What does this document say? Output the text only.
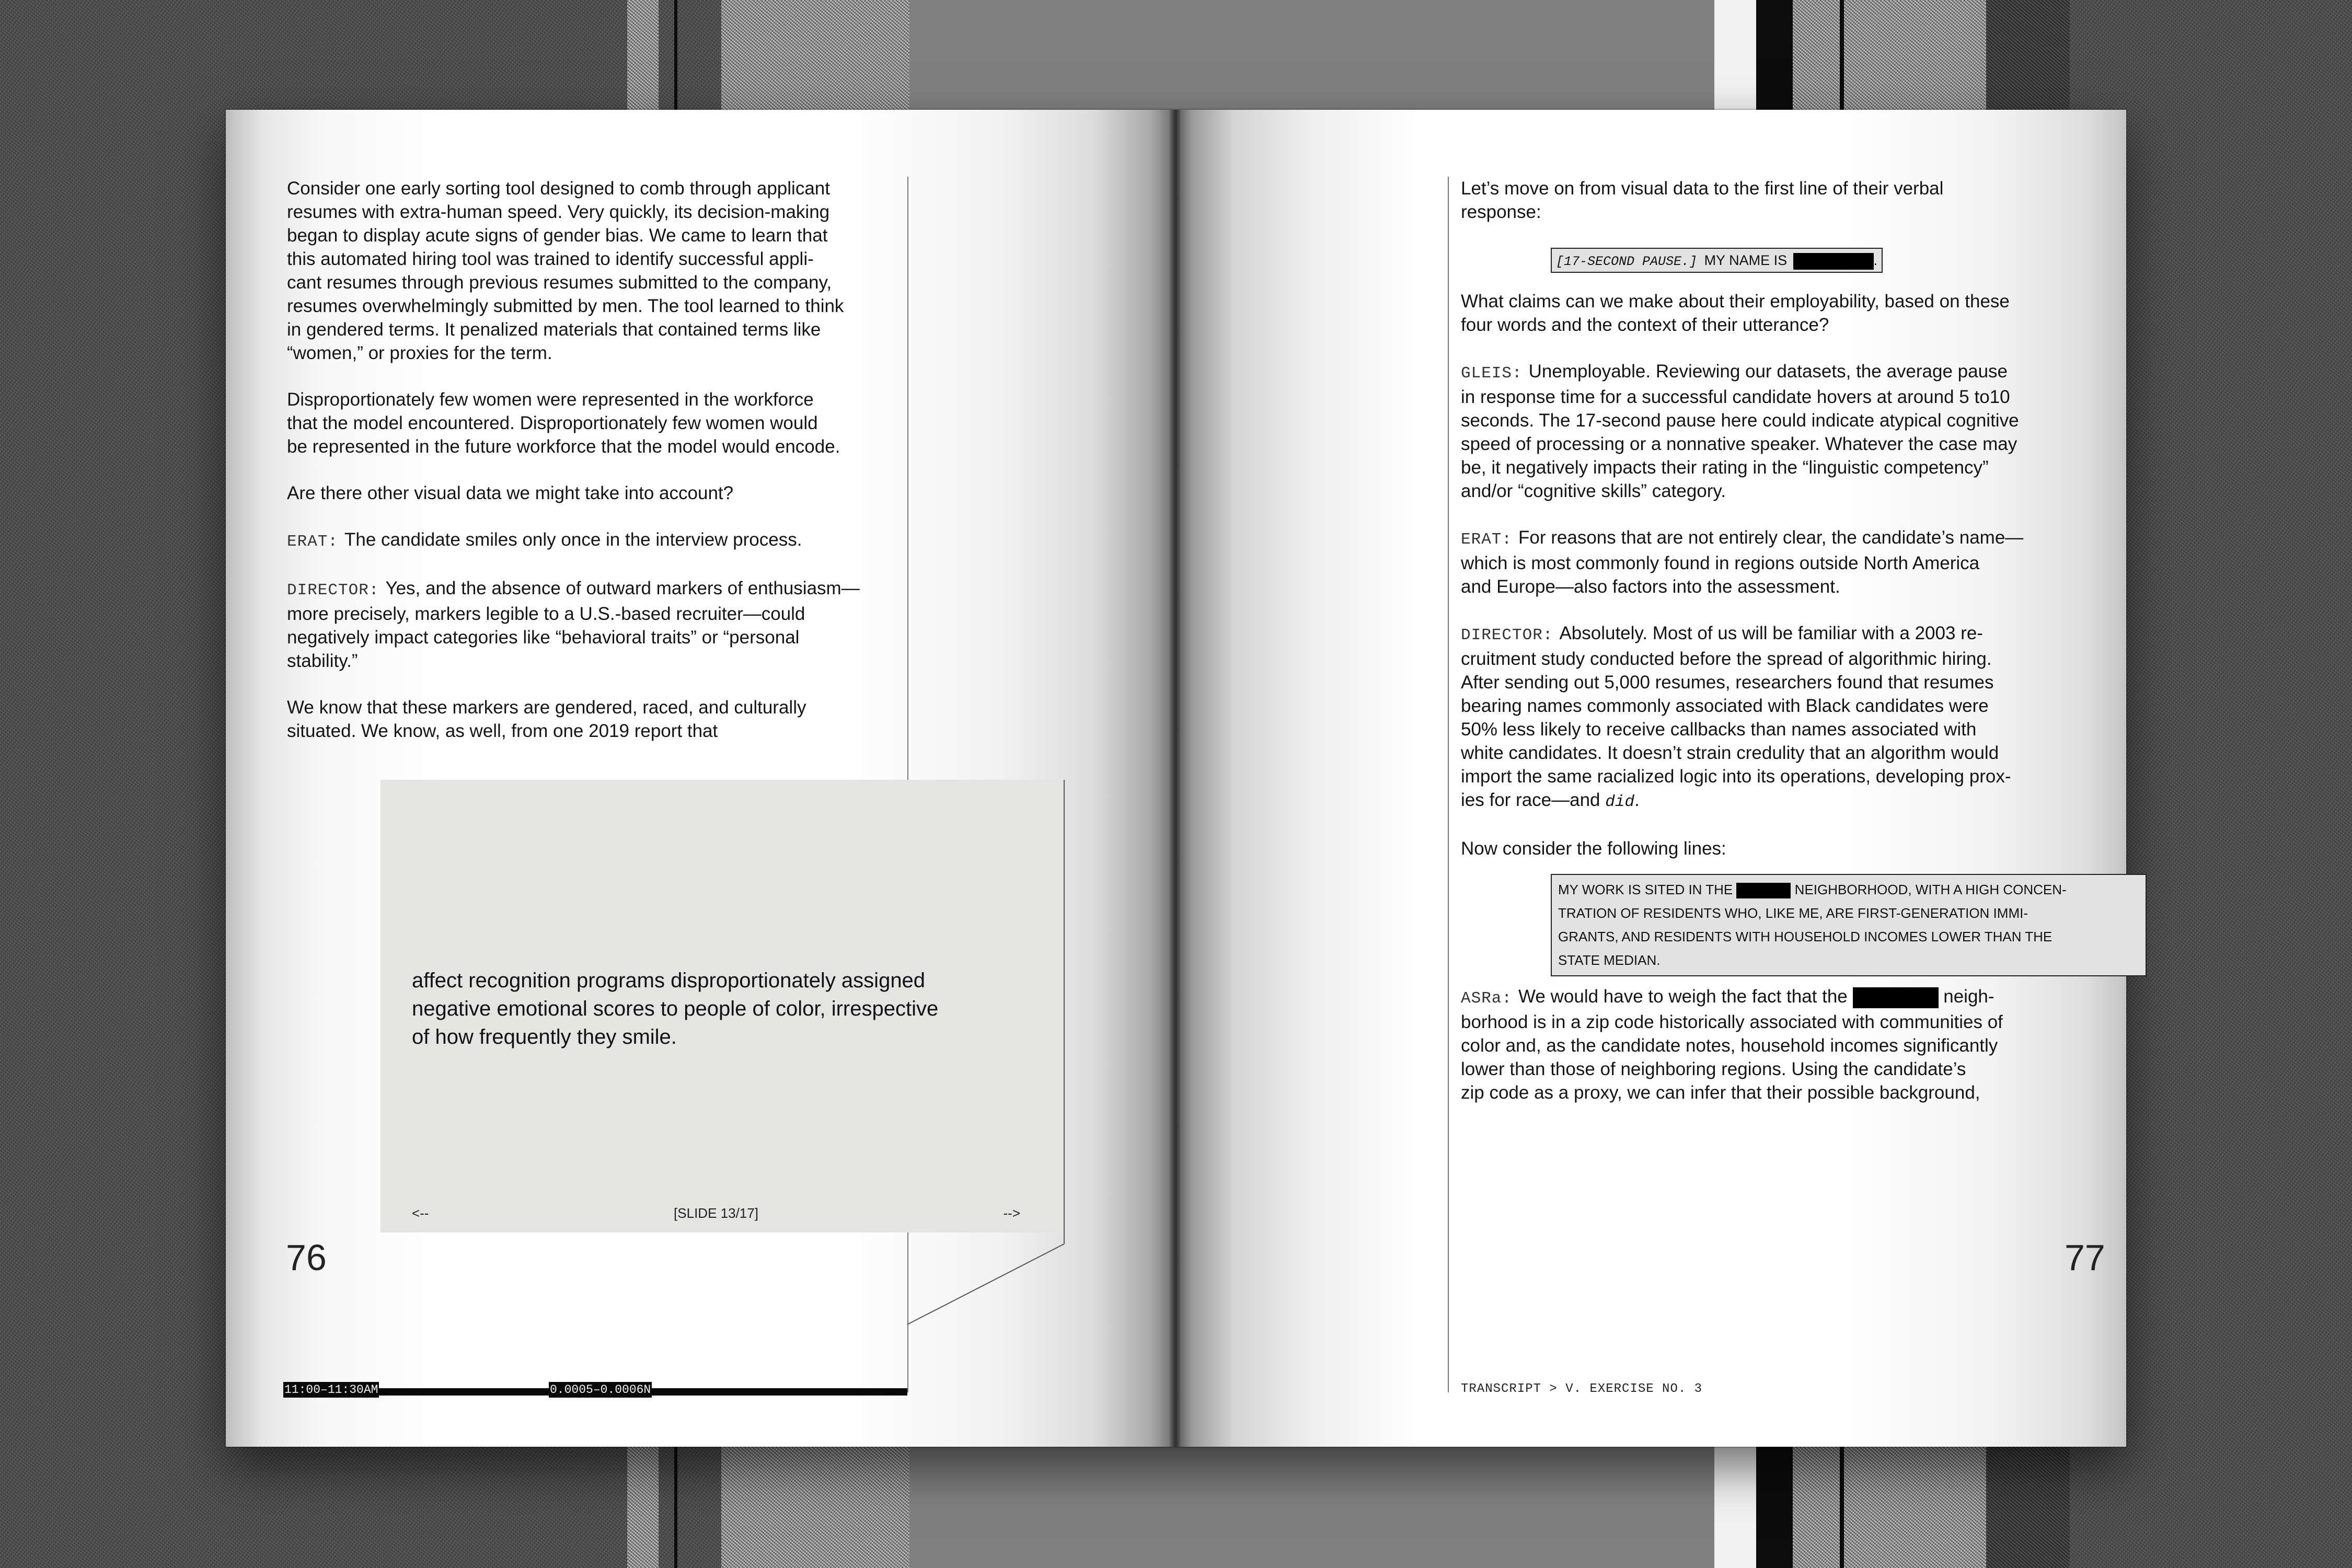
Consider one early sorting tool designed to comb through applicant
resumes with extra-human speed. Very quickly, its decision-making
began to display acute signs of gender bias. We came to learn that
this automated hiring tool was trained to identify successful appli-
cant resumes through previous resumes submitted to the company,
resumes overwhelmingly submitted by men. The tool learned to think
in gendered terms. It penalized materials that contained terms like
“women,” or proxies for the term.

Disproportionately few women were represented in the workforce
that the model encountered. Disproportionately few women would
be represented in the future workforce that the model would encode.

Are there other visual data we might take into account?

ERAT: The candidate smiles only once in the interview process.

DIRECTOR: Yes, and the absence of outward markers of enthusiasm—
more precisely, markers legible to a U.S.-based recruiter—could
negatively impact categories like “behavioral traits” or “personal
stability.”

We know that these markers are gendered, raced, and culturally
situated. We know, as well, from one 2019 report that

76
affect recognition programs disproportionately assigned
negative emotional scores to people of color, irrespective
of how frequently they smile.
<--	[SLIDE 13/17]	-->
11:00–11:30AM	0.0005–0.0006N

Let’s move on from visual data to the first line of their verbal
response:

[17-SECOND PAUSE.] MY NAME IS	.

What claims can we make about their employability, based on these
four words and the context of their utterance?

GLEIS: Unemployable. Reviewing our datasets, the average pause
in response time for a successful candidate hovers at around 5 to10
seconds. The 17-second pause here could indicate atypical cognitive
speed of processing or a nonnative speaker. Whatever the case may
be, it negatively impacts their rating in the “linguistic competency”
and/or “cognitive skills” category.

ERAT: For reasons that are not entirely clear, the candidate’s name—
which is most commonly found in regions outside North America
and Europe—also factors into the assessment.

DIRECTOR: Absolutely. Most of us will be familiar with a 2003 re-
cruitment study conducted before the spread of algorithmic hiring.
After sending out 5,000 resumes, researchers found that resumes
bearing names commonly associated with Black candidates were
50% less likely to receive callbacks than names associated with
white candidates. It doesn’t strain credulity that an algorithm would
import the same racialized logic into its operations, developing prox-
ies for race—and did.

Now consider the following lines:

MY WORK IS SITED IN THE	NEIGHBORHOOD, WITH A HIGH CONCEN-
TRATION OF RESIDENTS WHO, LIKE ME, ARE FIRST-GENERATION IMMI-
GRANTS, AND RESIDENTS WITH HOUSEHOLD INCOMES LOWER THAN THE
STATE MEDIAN.

ASRa: We would have to weigh the fact that the	neigh-
borhood is in a zip code historically associated with communities of
color and, as the candidate notes, household incomes significantly
lower than those of neighboring regions. Using the candidate’s
zip code as a proxy, we can infer that their possible background,

77
TRANSCRIPT > V. EXERCISE NO. 3
